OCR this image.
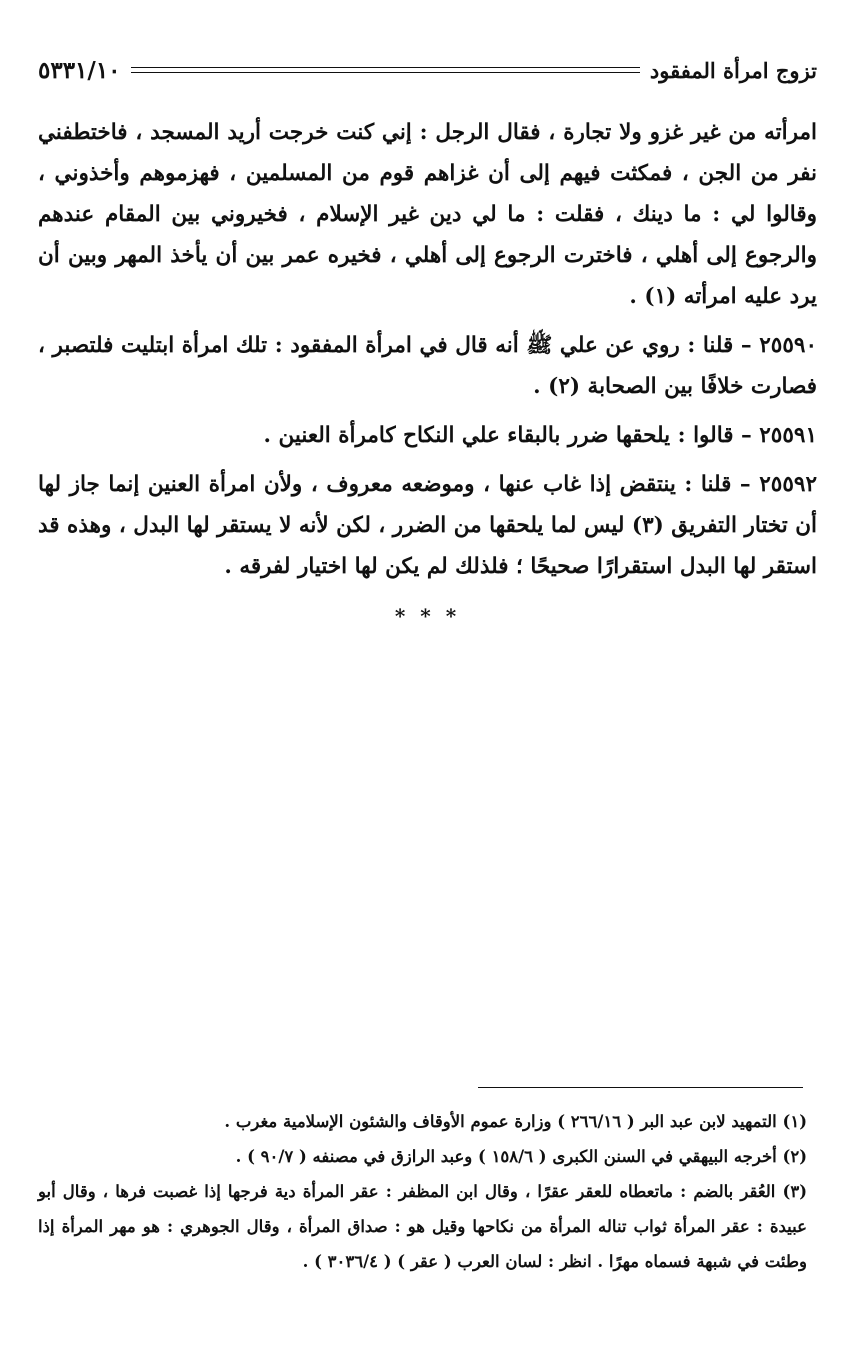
تزوج امرأة المفقود
٥٣٣١/١٠

امرأته من غير غزو ولا تجارة ، فقال الرجل : إني كنت خرجت أريد المسجد ، فاختطفني نفر من الجن ، فمكثت فيهم إلى أن غزاهم قوم من المسلمين ، فهزموهم وأخذوني ، وقالوا لي : ما دينك ، فقلت : ما لي دين غير الإسلام ، فخيروني بين المقام عندهم والرجوع إلى أهلي ، فاخترت الرجوع إلى أهلي ، فخيره عمر بين أن يأخذ المهر وبين أن يرد عليه امرأته (١) .

٢٥٥٩٠ – قلنا : روي عن علي ﷺ أنه قال في امرأة المفقود : تلك امرأة ابتليت فلتصبر ، فصارت خلافًا بين الصحابة (٢) .

٢٥٥٩١ – قالوا : يلحقها ضرر بالبقاء علي النكاح كامرأة العنين .

٢٥٥٩٢ – قلنا : ينتقض إذا غاب عنها ، وموضعه معروف ، ولأن امرأة العنين إنما جاز لها أن تختار التفريق (٣) ليس لما يلحقها من الضرر ، لكن لأنه لا يستقر لها البدل ، وهذه قد استقر لها البدل استقرارًا صحيحًا ؛ فلذلك لم يكن لها اختيار لفرقه .

* * *

(١) التمهيد لابن عبد البر ( ٢٦٦/١٦ ) وزارة عموم الأوقاف والشئون الإسلامية مغرب .

(٢) أخرجه البيهقي في السنن الكبرى ( ١٥٨/٦ ) وعبد الرازق في مصنفه ( ٩٠/٧ ) .

(٣) العُقر بالضم : ماتعطاه للعقر عقرًا ، وقال ابن المظفر : عقر المرأة دية فرجها إذا غصبت فرها ، وقال أبو عبيدة : عقر المرأة ثواب تناله المرأة من نكاحها وقيل هو : صداق المرأة ، وقال الجوهري : هو مهر المرأة إذا وطئت في شبهة فسماه مهرًا . انظر : لسان العرب ( عقر ) ( ٣٠٣٦/٤ ) .
